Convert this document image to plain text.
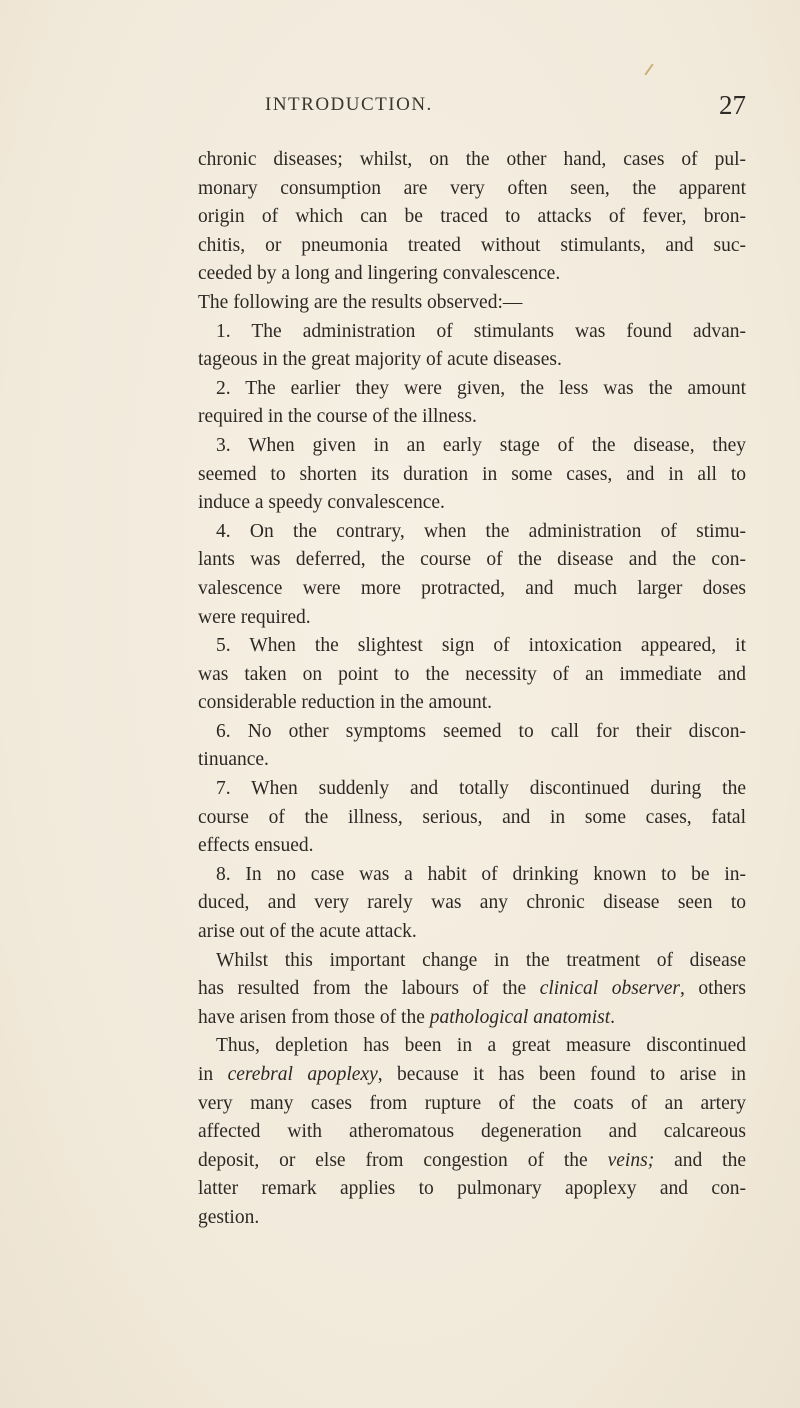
INTRODUCTION.	27

chronic diseases; whilst, on the other hand, cases of pul-

monary consumption are very often seen, the apparent

origin of which can be traced to attacks of fever, bron-

chitis, or pneumonia treated without stimulants, and suc-

ceeded by a long and lingering convalescence.

The following are the results observed:—

1. The administration of stimulants was found advan-

tageous in the great majority of acute diseases.

2. The earlier they were given, the less was the amount

required in the course of the illness.

3. When given in an early stage of the disease, they

seemed to shorten its duration in some cases, and in all to

induce a speedy convalescence.

4. On the contrary, when the administration of stimu-

lants was deferred, the course of the disease and the con-

valescence were more protracted, and much larger doses

were required.

5. When the slightest sign of intoxication appeared, it

was taken on point to the necessity of an immediate and

considerable reduction in the amount.

6. No other symptoms seemed to call for their discon-

tinuance.

7. When suddenly and totally discontinued during the

course of the illness, serious, and in some cases, fatal

effects ensued.

8. In no case was a habit of drinking known to be in-

duced, and very rarely was any chronic disease seen to

arise out of the acute attack.

Whilst this important change in the treatment of disease

has resulted from the labours of the clinical observer, others

have arisen from those of the pathological anatomist.

Thus, depletion has been in a great measure discontinued

in cerebral apoplexy, because it has been found to arise in

very many cases from rupture of the coats of an artery

affected with atheromatous degeneration and calcareous

deposit, or else from congestion of the veins; and the

latter remark applies to pulmonary apoplexy and con-

gestion.
